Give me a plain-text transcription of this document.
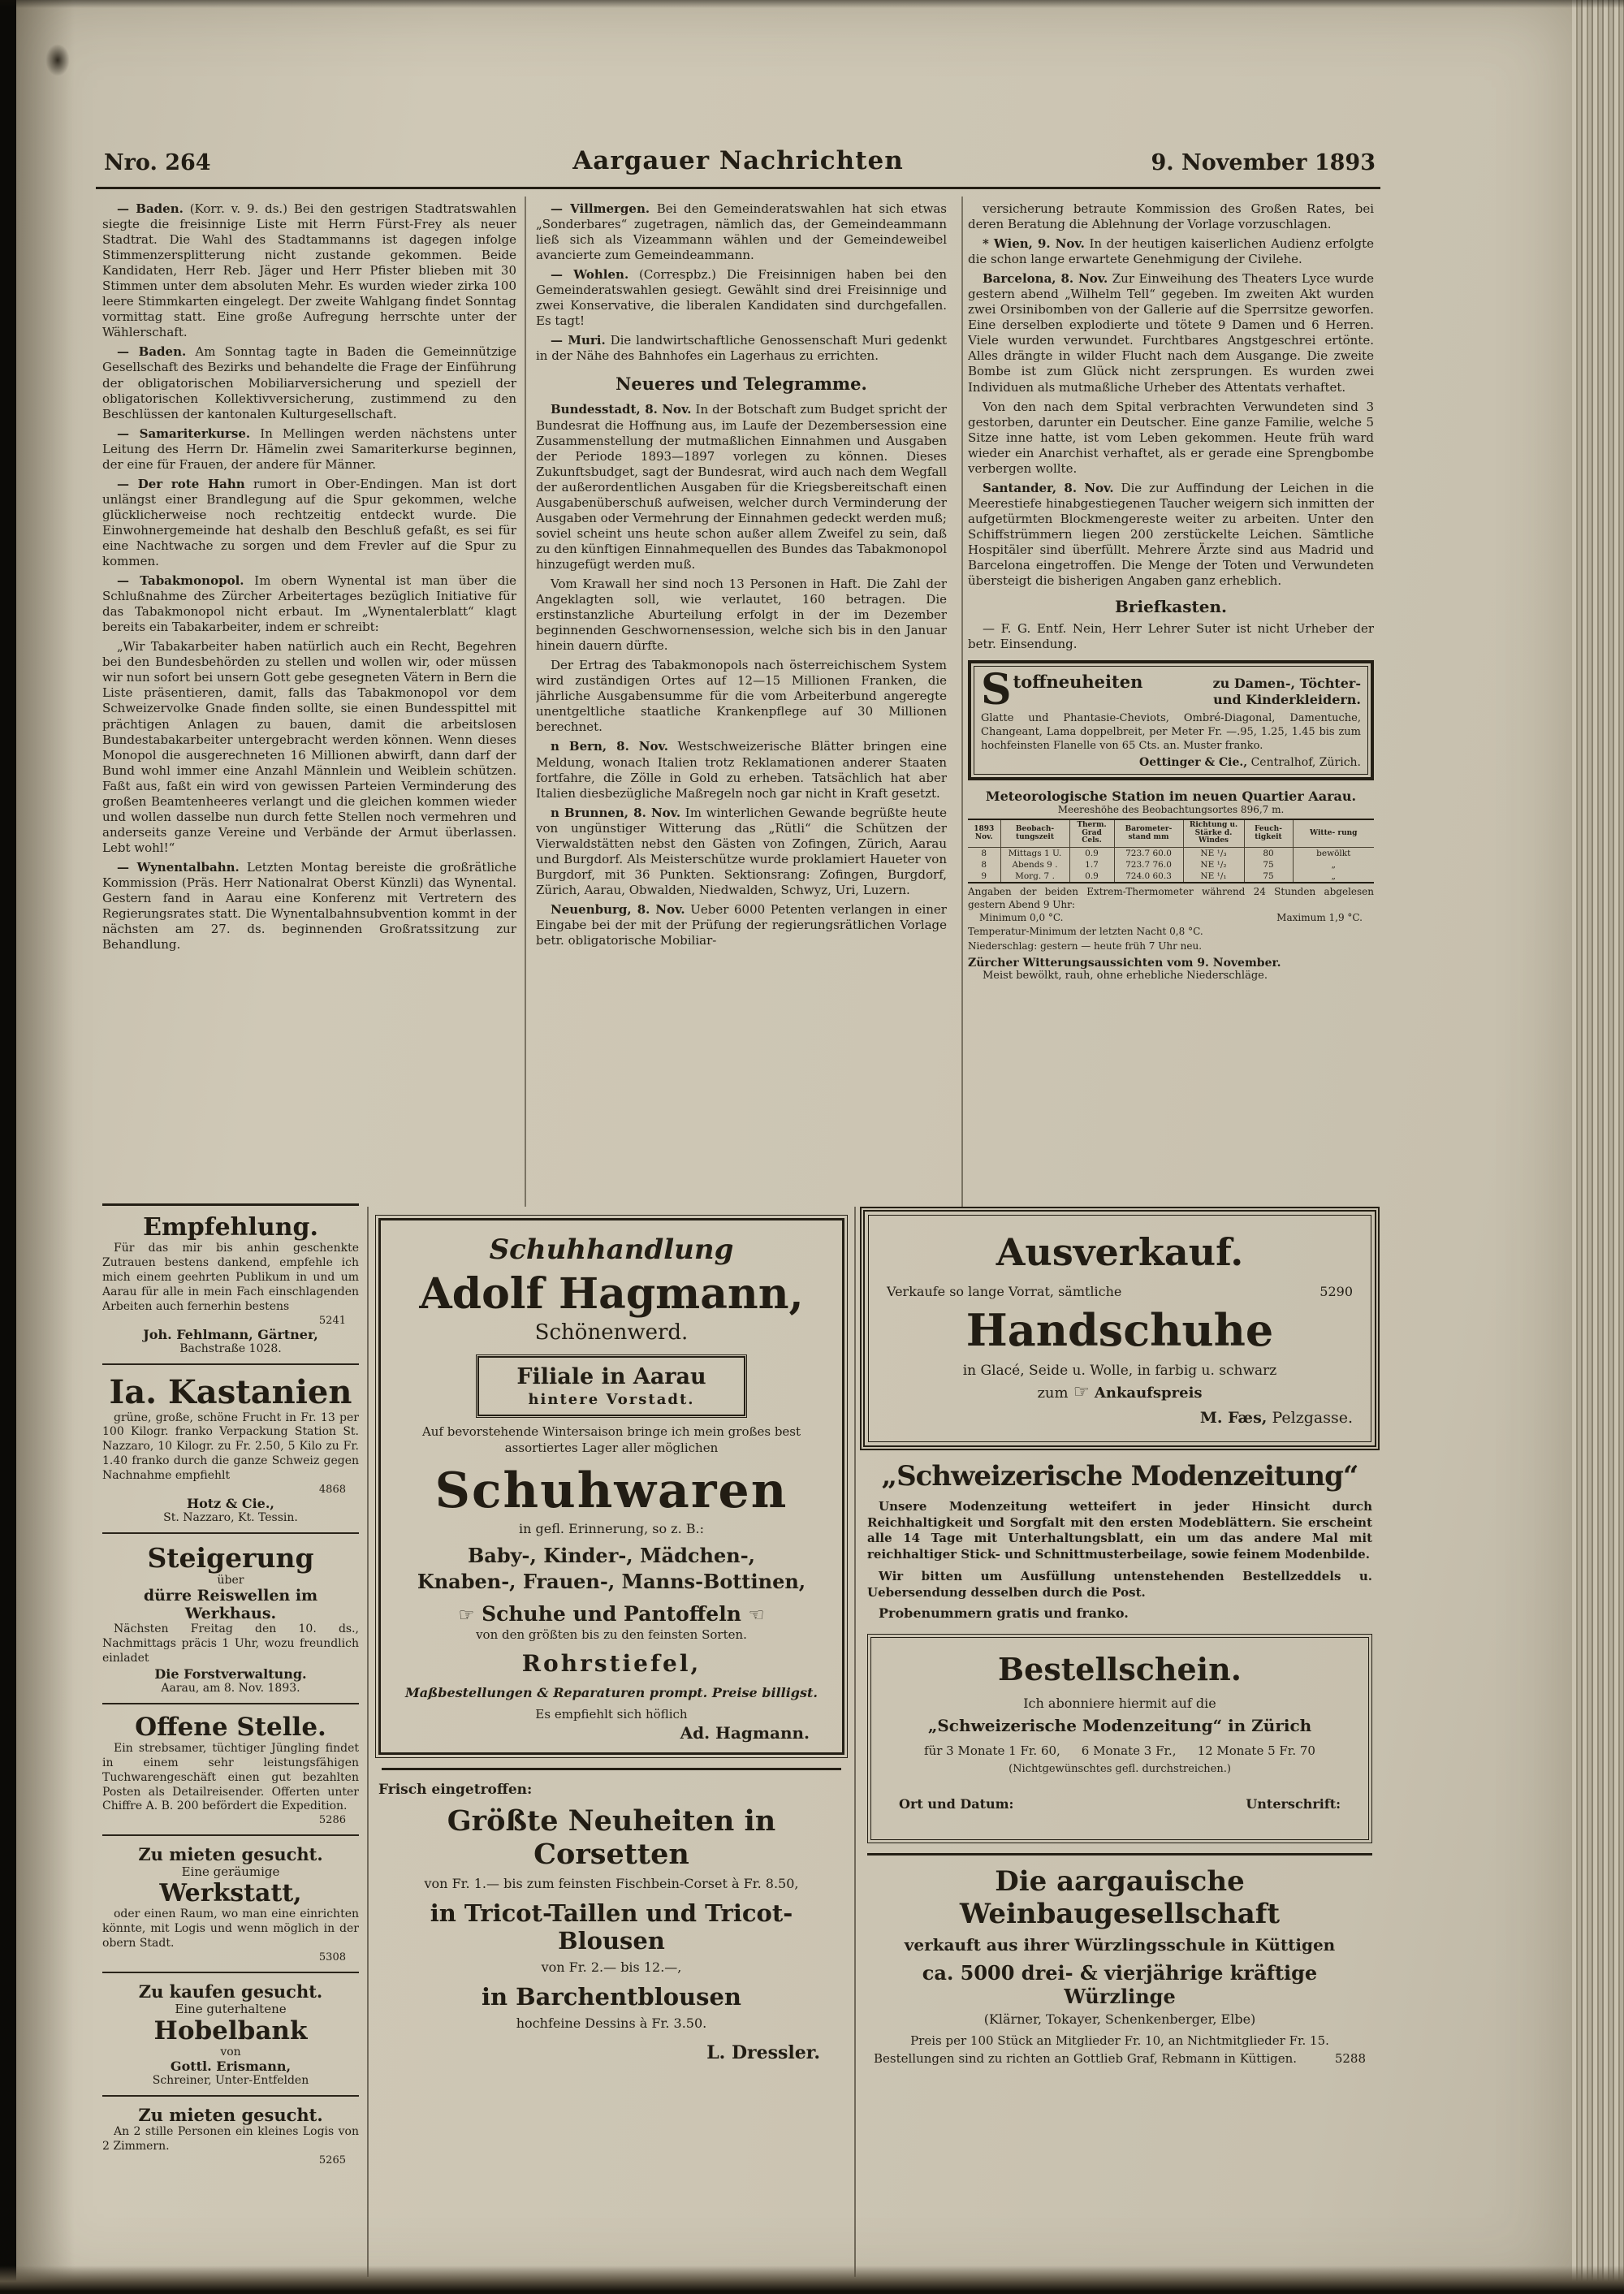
Nro. 264	Aargauer Nachrichten	9. November 1893

— Baden. (Korr. v. 9. ds.) Bei den gestrigen Stadtratswahlen siegte die freisinnige Liste mit Herrn Fürst-Frey als neuer Stadtrat. Die Wahl des Stadtammanns ist dagegen infolge Stimmenzersplitterung nicht zustande gekommen. Beide Kandidaten, Herr Reb. Jäger und Herr Pfister blieben mit 30 Stimmen unter dem absoluten Mehr. Es wurden wieder zirka 100 leere Stimmkarten eingelegt. Der zweite Wahlgang findet Sonntag vormittag statt. Eine große Aufregung herrschte unter der Wählerschaft.

— Baden. Am Sonntag tagte in Baden die Gemeinnützige Gesellschaft des Bezirks und behandelte die Frage der Einführung der obligatorischen Mobiliarversicherung und speziell der obligatorischen Kollektivversicherung, zustimmend zu den Beschlüssen der kantonalen Kulturgesellschaft.

— Samariterkurse. In Mellingen werden nächstens unter Leitung des Herrn Dr. Hämelin zwei Samariterkurse beginnen, der eine für Frauen, der andere für Männer.

— Der rote Hahn rumort in Ober-Endingen. Man ist dort unlängst einer Brandlegung auf die Spur gekommen, welche glücklicherweise noch rechtzeitig entdeckt wurde. Die Einwohnergemeinde hat deshalb den Beschluß gefaßt, es sei für eine Nachtwache zu sorgen und dem Frevler auf die Spur zu kommen.

— Tabakmonopol. Im obern Wynental ist man über die Schlußnahme des Zürcher Arbeitertages bezüglich Initiative für das Tabakmonopol nicht erbaut. Im „Wynentalerblatt“ klagt bereits ein Tabakarbeiter, indem er schreibt:

„Wir Tabakarbeiter haben natürlich auch ein Recht, Begehren bei den Bundesbehörden zu stellen und wollen wir, oder müssen wir nun sofort bei unsern Gott gebe gesegneten Vätern in Bern die Liste präsentieren, damit, falls das Tabakmonopol vor dem Schweizervolke Gnade finden sollte, sie einen Bundesspittel mit prächtigen Anlagen zu bauen, damit die arbeitslosen Bundestabakarbeiter untergebracht werden können. Wenn dieses Monopol die ausgerechneten 16 Millionen abwirft, dann darf der Bund wohl immer eine Anzahl Männlein und Weiblein schützen. Faßt aus, faßt ein wird von gewissen Parteien Verminderung des großen Beamtenheeres verlangt und die gleichen kommen wieder und wollen dasselbe nun durch fette Stellen noch vermehren und anderseits ganze Vereine und Verbände der Armut überlassen. Lebt wohl!“

— Wynentalbahn. Letzten Montag bereiste die großrätliche Kommission (Präs. Herr Nationalrat Oberst Künzli) das Wynental. Gestern fand in Aarau eine Konferenz mit Vertretern des Regierungsrates statt. Die Wynentalbahnsubvention kommt in der nächsten am 27. ds. beginnenden Großratssitzung zur Behandlung.

— Villmergen. Bei den Gemeinderatswahlen hat sich etwas „Sonderbares“ zugetragen, nämlich das, der Gemeindeammann ließ sich als Vizeammann wählen und der Gemeindeweibel avancierte zum Gemeindeammann.

— Wohlen. (Correspbz.) Die Freisinnigen haben bei den Gemeinderatswahlen gesiegt. Gewählt sind drei Freisinnige und zwei Konservative, die liberalen Kandidaten sind durchgefallen. Es tagt!

— Muri. Die landwirtschaftliche Genossenschaft Muri gedenkt in der Nähe des Bahnhofes ein Lagerhaus zu errichten.

Neueres und Telegramme.

Bundesstadt, 8. Nov. In der Botschaft zum Budget spricht der Bundesrat die Hoffnung aus, im Laufe der Dezembersession eine Zusammenstellung der mutmaßlichen Einnahmen und Ausgaben der Periode 1893—1897 vorlegen zu können. Dieses Zukunftsbudget, sagt der Bundesrat, wird auch nach dem Wegfall der außerordentlichen Ausgaben für die Kriegsbereitschaft einen Ausgabenüberschuß aufweisen, welcher durch Verminderung der Ausgaben oder Vermehrung der Einnahmen gedeckt werden muß; soviel scheint uns heute schon außer allem Zweifel zu sein, daß zu den künftigen Einnahmequellen des Bundes das Tabakmonopol hinzugefügt werden muß.

Vom Krawall her sind noch 13 Personen in Haft. Die Zahl der Angeklagten soll, wie verlautet, 160 betragen. Die erstinstanzliche Aburteilung erfolgt in der im Dezember beginnenden Geschwornensession, welche sich bis in den Januar hinein dauern dürfte.

Der Ertrag des Tabakmonopols nach österreichischem System wird zuständigen Ortes auf 12—15 Millionen Franken, die jährliche Ausgabensumme für die vom Arbeiterbund angeregte unentgeltliche staatliche Krankenpflege auf 30 Millionen berechnet.

n Bern, 8. Nov. Westschweizerische Blätter bringen eine Meldung, wonach Italien trotz Reklamationen anderer Staaten fortfahre, die Zölle in Gold zu erheben. Tatsächlich hat aber Italien diesbezügliche Maßregeln noch gar nicht in Kraft gesetzt.

n Brunnen, 8. Nov. Im winterlichen Gewande begrüßte heute von ungünstiger Witterung das „Rütli“ die Schützen der Vierwaldstätten nebst den Gästen von Zofingen, Zürich, Aarau und Burgdorf. Als Meisterschütze wurde proklamiert Haueter von Burgdorf, mit 36 Punkten. Sektionsrang: Zofingen, Burgdorf, Zürich, Aarau, Obwalden, Niedwalden, Schwyz, Uri, Luzern.

Neuenburg, 8. Nov. Ueber 6000 Petenten verlangen in einer Eingabe bei der mit der Prüfung der regierungsrätlichen Vorlage betr. obligatorische Mobiliar-

versicherung betraute Kommission des Großen Rates, bei deren Beratung die Ablehnung der Vorlage vorzuschlagen.

* Wien, 9. Nov. In der heutigen kaiserlichen Audienz erfolgte die schon lange erwartete Genehmigung der Civilehe.

Barcelona, 8. Nov. Zur Einweihung des Theaters Lyce wurde gestern abend „Wilhelm Tell“ gegeben. Im zweiten Akt wurden zwei Orsinibomben von der Gallerie auf die Sperrsitze geworfen. Eine derselben explodierte und tötete 9 Damen und 6 Herren. Viele wurden verwundet. Furchtbares Angstgeschrei ertönte. Alles drängte in wilder Flucht nach dem Ausgange. Die zweite Bombe ist zum Glück nicht zersprungen. Es wurden zwei Individuen als mutmaßliche Urheber des Attentats verhaftet.

Von den nach dem Spital verbrachten Verwundeten sind 3 gestorben, darunter ein Deutscher. Eine ganze Familie, welche 5 Sitze inne hatte, ist vom Leben gekommen. Heute früh ward wieder ein Anarchist verhaftet, als er gerade eine Sprengbombe verbergen wollte.

Santander, 8. Nov. Die zur Auffindung der Leichen in die Meerestiefe hinabgestiegenen Taucher weigern sich inmitten der aufgetürmten Blockmengereste weiter zu arbeiten. Unter den Schiffstrümmern liegen 200 zerstückelte Leichen. Sämtliche Hospitäler sind überfüllt. Mehrere Ärzte sind aus Madrid und Barcelona eingetroffen. Die Menge der Toten und Verwundeten übersteigt die bisherigen Angaben ganz erheblich.

Briefkasten.

— F. G. Entf. Nein, Herr Lehrer Suter ist nicht Urheber der betr. Einsendung.

S toffneuheiten	zu Damen-, Töchter-
und Kinderkleidern.

Glatte und Phantasie-Cheviots, Ombré-Diagonal, Damentuche, Changeant, Lama doppelbreit, per Meter Fr. —.95, 1.25, 1.45 bis zum hochfeinsten Flanelle von 65 Cts. an. Muster franko.

Oettinger & Cie., Centralhof, Zürich.

Meteorologische Station im neuen Quartier Aarau.
Meereshöhe des Beobachtungsortes 896,7 m.
1893 Nov.	Beobach- tungszeit	Therm. Grad Cels.	Barometer- stand mm	Richtung u. Stärke d. Windes	Feuch- tigkeit	Witte- rung
8	Mittags 1 U.	0.9	723.7 60.0	NE ¹/₃	80	bewölkt
8	Abends 9 .	1.7	723.7 76.0	NE ¹/₂	75	„
9	Morg. 7 .	0.9	724.0 60.3	NE ¹/₁	75	„

Angaben der beiden Extrem-Thermometer während 24 Stunden abgelesen gestern Abend 9 Uhr:

Minimum 0,0 °C.	Maximum 1,9 °C.

Temperatur-Minimum der letzten Nacht 0,8 °C.

Niederschlag: gestern — heute früh 7 Uhr neu.

Zürcher Witterungsaussichten vom 9. November.

Meist bewölkt, rauh, ohne erhebliche Niederschläge.

Empfehlung.

Für das mir bis anhin geschenkte Zutrauen bestens dankend, empfehle ich mich einem geehrten Publikum in und um Aarau für alle in mein Fach einschlagenden Arbeiten auch fernerhin bestens

5241
Joh. Fehlmann, Gärtner,
Bachstraße 1028.
Ia. Kastanien

grüne, große, schöne Frucht in Fr. 13 per 100 Kilogr. franko Verpackung Station St. Nazzaro, 10 Kilogr. zu Fr. 2.50, 5 Kilo zu Fr. 1.40 franko durch die ganze Schweiz gegen Nachnahme empfiehlt

4868
Hotz & Cie.,
St. Nazzaro, Kt. Tessin.
Steigerung
über
dürre Reiswellen im Werkhaus.

Nächsten Freitag den 10. ds., Nachmittags präcis 1 Uhr, wozu freundlich einladet

Die Forstverwaltung.
Aarau, am 8. Nov. 1893.
Offene Stelle.

Ein strebsamer, tüchtiger Jüngling findet in einem sehr leistungsfähigen Tuchwarengeschäft einen gut bezahlten Posten als Detailreisender. Offerten unter Chiffre A. B. 200 befördert die Expedition.

5286
Zu mieten gesucht.
Eine geräumige
Werkstatt,

oder einen Raum, wo man eine einrichten könnte, mit Logis und wenn möglich in der obern Stadt.

5308
Zu kaufen gesucht.
Eine guterhaltene
Hobelbank
von
Gottl. Erismann,
Schreiner, Unter-Entfelden
Zu mieten gesucht.

An 2 stille Personen ein kleines Logis von 2 Zimmern.

5265
Schuhhandlung
Adolf Hagmann,
Schönenwerd.
Filiale in Aarau
hintere Vorstadt.

Auf bevorstehende Wintersaison bringe ich mein großes best assortiertes Lager aller möglichen

Schuhwaren
in gefl. Erinnerung, so z. B.:
Baby-, Kinder-, Mädchen-,
Knaben-, Frauen-, Manns-Bottinen,
☞ Schuhe und Pantoffeln ☜
von den größten bis zu den feinsten Sorten.
Rohrstiefel,
Maßbestellungen & Reparaturen prompt. Preise billigst.
Es empfiehlt sich höflich
Ad. Hagmann.
Frisch eingetroffen:
Größte Neuheiten in Corsetten
von Fr. 1.— bis zum feinsten Fischbein-Corset à Fr. 8.50,
in Tricot-Taillen und Tricot-Blousen
von Fr. 2.— bis 12.—,
in Barchentblousen
hochfeine Dessins à Fr. 3.50.
L. Dressler.
Ausverkauf.
Verkaufe so lange Vorrat, sämtliche	5290
Handschuhe
in Glacé, Seide u. Wolle, in farbig u. schwarz
zum ☞ Ankaufspreis
M. Fæs, Pelzgasse.
„Schweizerische Modenzeitung“

Unsere Modenzeitung wetteifert in jeder Hinsicht durch Reichhaltigkeit und Sorgfalt mit den ersten Modeblättern. Sie erscheint alle 14 Tage mit Unterhaltungsblatt, ein um das andere Mal mit reichhaltiger Stick- und Schnittmusterbeilage, sowie feinem Modenbilde.

Wir bitten um Ausfüllung untenstehenden Bestellzeddels u. Uebersendung desselben durch die Post.

Probenummern gratis und franko.

Bestellschein.
Ich abonniere hiermit auf die
„Schweizerische Modenzeitung“ in Zürich
für 3 Monate 1 Fr. 60, 6 Monate 3 Fr., 12 Monate 5 Fr. 70
(Nichtgewünschtes gefl. durchstreichen.)
Ort und Datum:	Unterschrift:
Die aargauische Weinbaugesellschaft
verkauft aus ihrer Würzlingsschule in Küttigen
ca. 5000 drei- & vierjährige kräftige Würzlinge
(Klärner, Tokayer, Schenkenberger, Elbe)
Preis per 100 Stück an Mitglieder Fr. 10, an Nichtmitglieder Fr. 15.
Bestellungen sind zu richten an Gottlieb Graf, Rebmann in Küttigen.	5288
